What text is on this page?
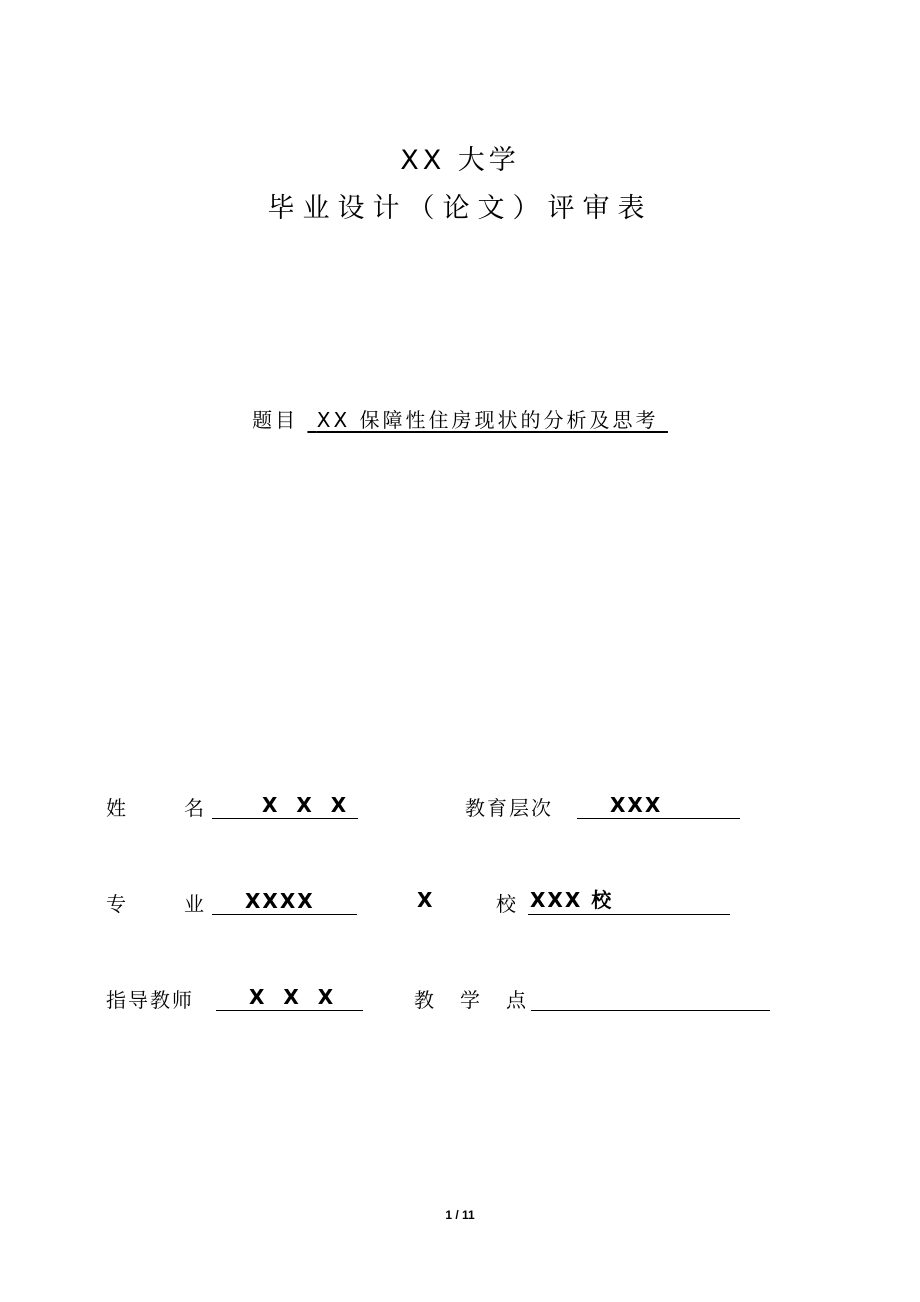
XX 大学
毕业设计（论文）评审表
题目 XX 保障性住房现状的分析及思考
姓	名	X X X	教育层次	XXX
专	业 XXXX	X	校 XXX 校
指导教师	X X X	教 学 点
1 / 11
